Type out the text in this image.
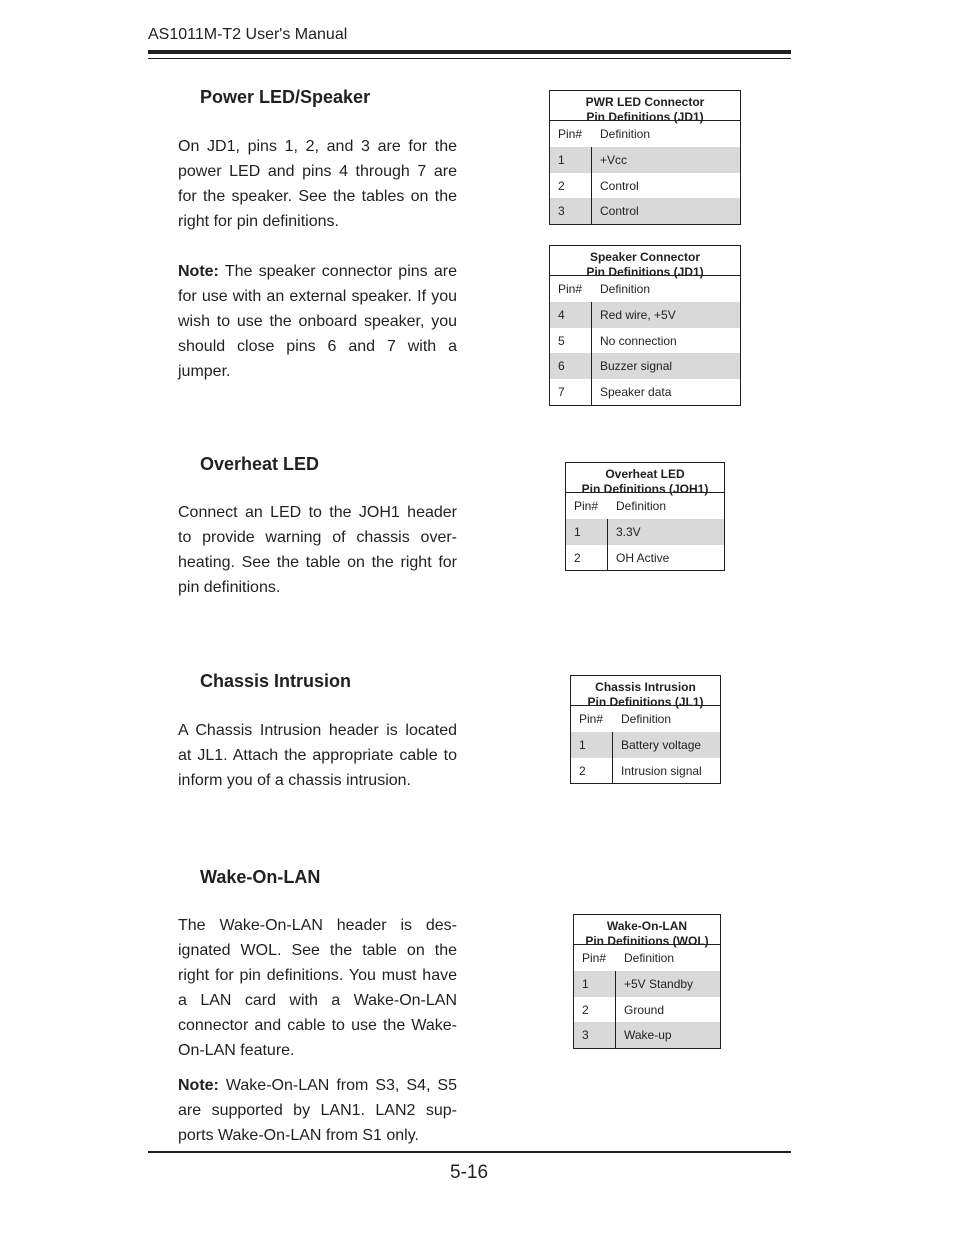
AS1011M-T2 User's Manual
Power LED/Speaker

On JD1, pins 1, 2, and 3 are for the power LED and pins 4 through 7 are for the speaker. See the tables on the right for pin definitions.

Note: The speaker connector pins are for use with an external speaker. If you wish to use the onboard speaker, you should close pins 6 and 7 with a jumper.

Overheat LED

Connect an LED to the JOH1 header to provide warning of chassis over-heating. See the table on the right for pin definitions.

Chassis Intrusion

A Chassis Intrusion header is located at JL1. Attach the appropriate cable to inform you of a chassis intrusion.

Wake-On-LAN

The Wake-On-LAN header is des-ignated WOL. See the table on the right for pin definitions. You must have a LAN card with a Wake-On-LAN connector and cable to use the Wake-On-LAN feature.

Note: Wake-On-LAN from S3, S4, S5 are supported by LAN1. LAN2 sup-ports Wake-On-LAN from S1 only.

PWR LED Connector
Pin Definitions (JD1)
Pin#	Definition
1	+Vcc
2	Control
3	Control
Speaker Connector
Pin Definitions (JD1)
Pin#	Definition
4	Red wire, +5V
5	No connection
6	Buzzer signal
7	Speaker data
Overheat LED
Pin Definitions (JOH1)
Pin#	Definition
1	3.3V
2	OH Active
Chassis Intrusion
Pin Definitions (JL1)
Pin#	Definition
1	Battery voltage
2	Intrusion signal
Wake-On-LAN
Pin Definitions (WOL)
Pin#	Definition
1	+5V Standby
2	Ground
3	Wake-up
5-16
